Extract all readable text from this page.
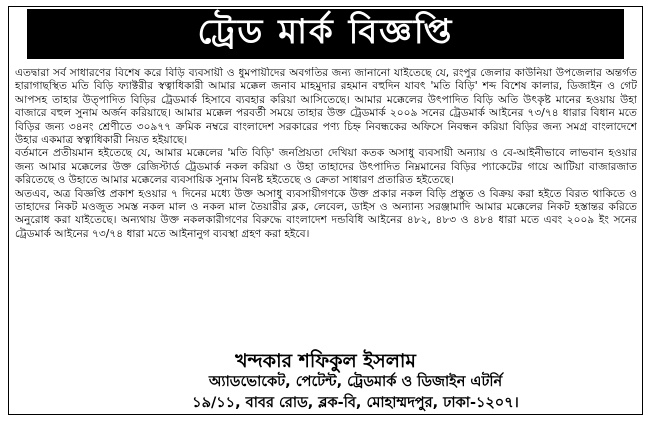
ট্রেড মার্ক বিজ্ঞপ্তি

এতদ্বারা সর্ব সাধারণের বিশেষ করে বিড়ি ব্যবসায়ী ও ধুমপায়ীদের অবগতির জন্য জানানো যাইতেছে যে, রংপুর জেলার কাউনিয়া উপজেলার অন্তর্গত হারাগাছস্থিত মতি বিড়ি ফ্যাক্টরীর স্বত্বাধিকারী আমার মক্কেল জনাব মাহমুদার রহমান বহুদিন যাবৎ 'মতি বিড়ি' শব্দ বিশেষ কালার, ডিজাইন ও গেট আপসহ তাহার উত্পাদিত বিড়ির ট্রেডমার্ক হিসাবে ব্যবহার করিয়া আসিতেছে। আমার মক্কেলের উৎপাদিত বিড়ি অতি উৎকৃষ্ট মানের হওয়ায় উহা বাজারে বহুল সুনাম অর্জন করিয়াছে। আমার মক্কেল পরবর্তী সময়ে তাহার উক্ত ট্রেডমার্ক ২০০৯ সনের ট্রেডমার্ক আইনের ৭৩/৭৪ ধারার বিধান মতে বিড়ির জন্য ৩৪নং শ্রেণীতে ৩০৯৭৭ ক্রমিক নম্বরে বাংলাদেশ সরকারের পণ্য চিহ্ন নিবন্ধকের অফিসে নিবন্ধন করিয়া বিড়ির জন্য সমগ্র বাংলাদেশে উহার একমাত্র স্বত্বাধিকারী নিয়ত হইয়াছে।

বর্তমানে প্রতীয়মান হইতেছে যে, আমার মক্কেলের 'মতি বিড়ি' জনপ্রিয়তা দেখিয়া কতক অসাধু ব্যবসায়ী অন্যায় ও বে-আইনীভাবে লাভবান হওয়ার জন্য আমার মক্কেলের উক্ত রেজিস্টার্ড ট্রেডমার্ক নকল করিয়া ও উহা তাহাদের উৎপাদিত নিম্নমানের বিড়ির প্যাকেটের গায়ে আটিয়া বাজারজাত করিতেছে ও উহাতে আমার মক্কেলের ব্যবসায়িক সুনাম বিনষ্ট হইতেছে ও ক্রেতা সাধারণ প্রতারিত হইতেছে।

অতএব, অত্র বিজ্ঞপ্তি প্রকাশ হওয়ার ৭ দিনের মধ্যে উক্ত অসাধু ব্যবসায়ীগণকে উক্ত প্রকার নকল বিড়ি প্রস্তুত ও বিক্রয় করা হইতে বিরত থাকিতে ও তাহাদের নিকট মওজুত সমস্ত নকল মাল ও নকল মাল তৈয়ারীর ব্লক, লেবেল, ডাইস ও অন্যান্য সরঞ্জামাদি আমার মক্কেলের নিকট হস্তান্তর করিতে অনুরোধ করা যাইতেছে। অন্যথায় উক্ত নকলকারীগণের বিরুদ্ধে বাংলাদেশ দন্ডবিধি আইনের ৪৮২, ৪৮৩ ও ৪৮৪ ধারা মতে এবং ২০০৯ ইং সনের ট্রেডমার্ক আইনের ৭৩/৭৪ ধারা মতে আইনানুগ ব্যবস্থা গ্রহণ করা হইবে।

খন্দকার শফিকুল ইসলাম
অ্যাডভোকেট, পেটেন্ট, ট্রেডমার্ক ও ডিজাইন এটর্নি
১৯/১১, বাবর রোড, ব্লক-বি, মোহাম্মদপুর, ঢাকা-১২০৭।
